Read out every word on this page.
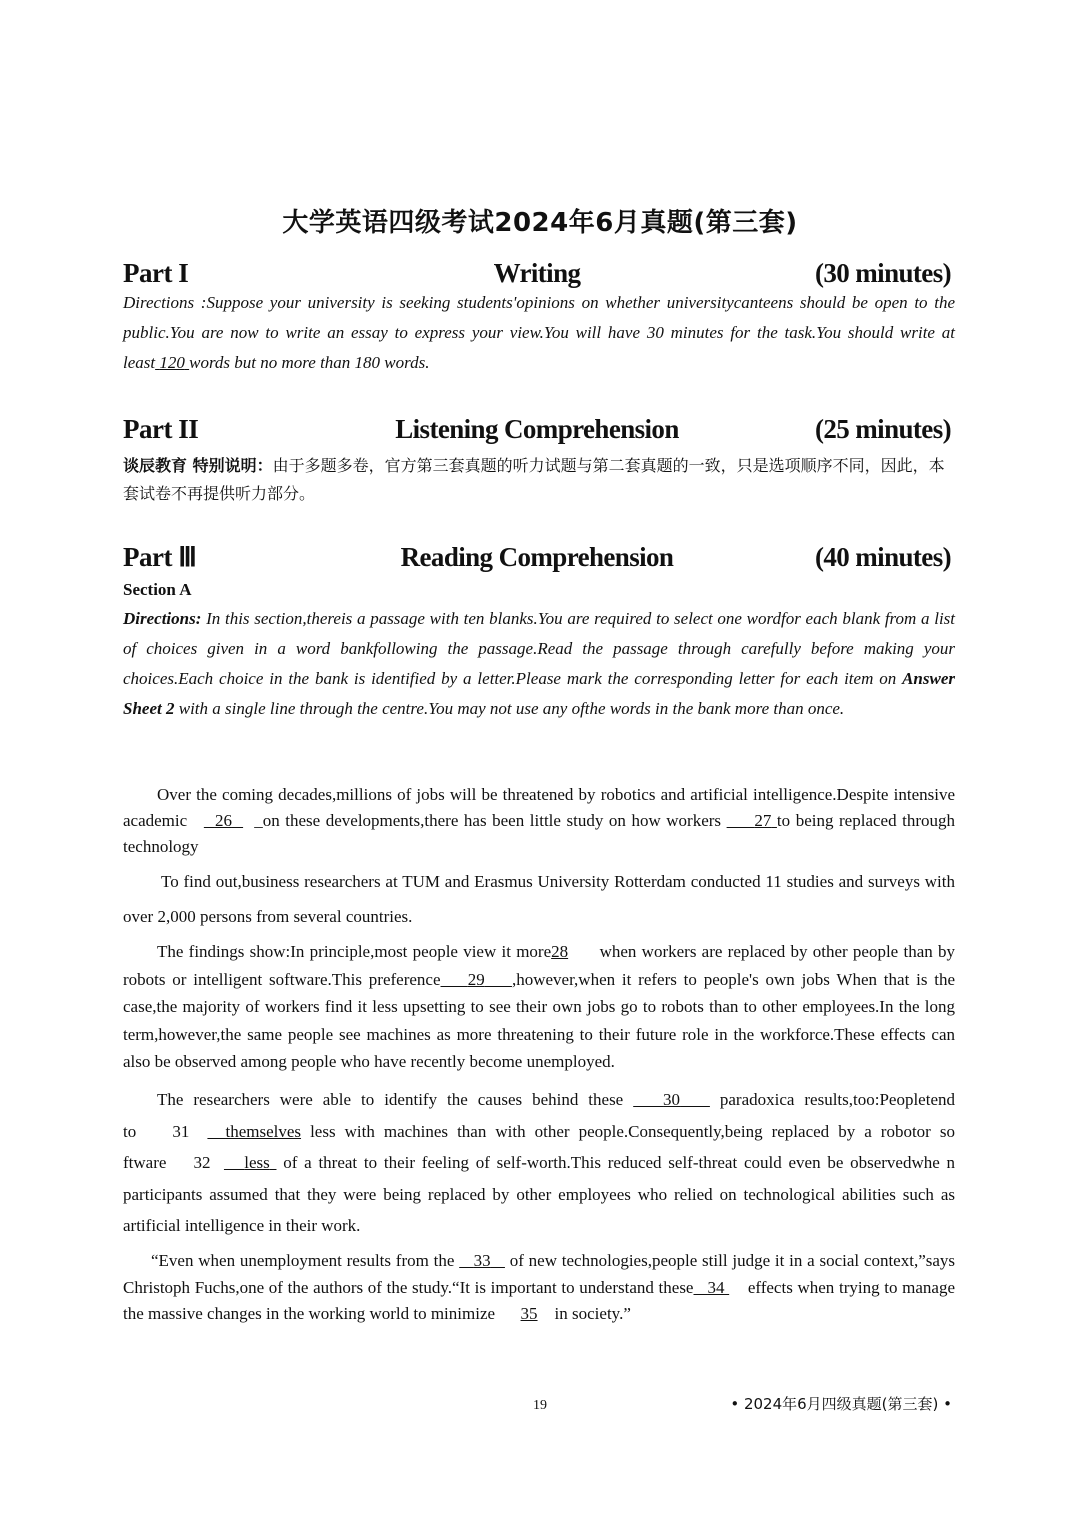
大学英语四级考试2024年6月真题(第三套)
Part I	Writing	(30 minutes)
Directions :Suppose your university is seeking students'opinions on whether universitycanteens should be open to the public.You are now to write an essay to express your view.You will have 30 minutes for the task.You should write at least 120 words but no more than 180 words.
Part II	Listening Comprehension	(25 minutes)
谈辰教育 特别说明：由于多题多卷，官方第三套真题的听力试题与第二套真题的一致，只是选项顺序不同，因此，本套试卷不再提供听力部分。
Part Ⅲ	Reading Comprehension	(40 minutes)
Section A
Directions: In this section,thereis a passage with ten blanks.You are required to select one wordfor each blank from a list of choices given in a word bankfollowing the passage.Read the passage through carefully before making your choices.Each choice in the bank is identified by a letter.Please mark the corresponding letter for each item on Answer Sheet 2 with a single line through the centre.You may not use any ofthe words in the bank more than once.
Over the coming decades,millions of jobs will be threatened by robotics and artificial intelligence.Despite intensive academic 26 _on these developments,there has been little study on how workers 27 to being replaced through technology
To find out,business researchers at TUM and Erasmus University Rotterdam conducted 11 studies and surveys with over 2,000 persons from several countries.
The findings show:In principle,most people view it more28 when workers are replaced by other people than by robots or intelligent software.This preference 29 ,however,when it refers to people's own jobs When that is the case,the majority of workers find it less upsetting to see their own jobs go to robots than to other employees.In the long term,however,the same people see machines as more threatening to their future role in the workforce.These effects can also be observed among people who have recently become unemployed.
The researchers were able to identify the causes behind these 30 paradoxica results,too:Peopletend to 31 themselves less with machines than with other people.Consequently,being replaced by a robotor so ftware 32 less of a threat to their feeling of self-worth.This reduced self-threat could even be observedwhe n participants assumed that they were being replaced by other employees who relied on technological abilities such as artificial intelligence in their work.
“Even when unemployment results from the 33 of new technologies,people still judge it in a social context,”says Christoph Fuchs,one of the authors of the study.“It is important to understand these 34 effects when trying to manage the massive changes in the working world to minimize 35 in society.”
19	• 2024年6月四级真题(第三套) •
